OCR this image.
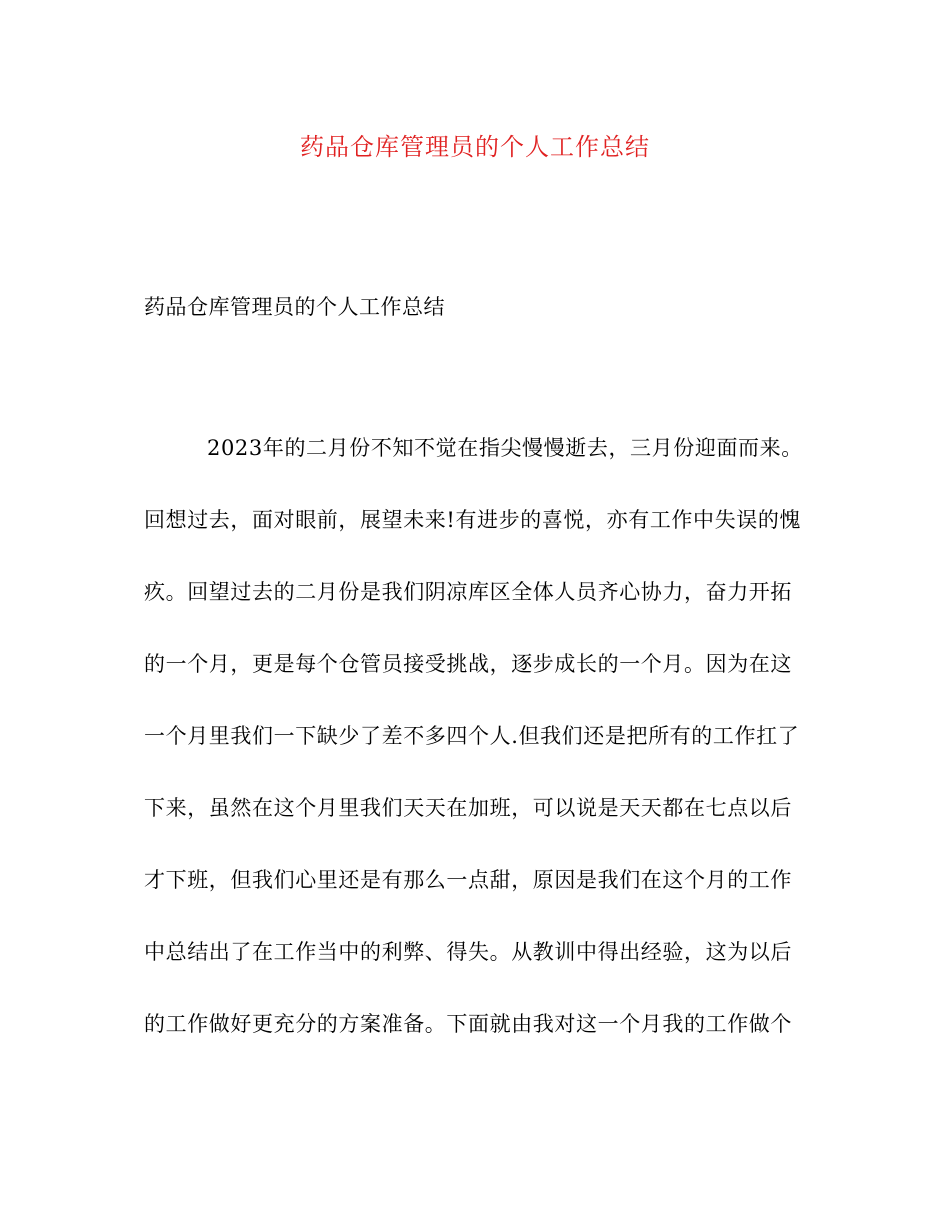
药品仓库管理员的个人工作总结
药品仓库管理员的个人工作总结
2023年的二月份不知不觉在指尖慢慢逝去，三月份迎面而来。
回想过去，面对眼前，展望未来!有进步的喜悦，亦有工作中失误的愧
疚。回望过去的二月份是我们阴凉库区全体人员齐心协力，奋力开拓
的一个月，更是每个仓管员接受挑战，逐步成长的一个月。因为在这
一个月里我们一下缺少了差不多四个人.但我们还是把所有的工作扛了
下来，虽然在这个月里我们天天在加班，可以说是天天都在七点以后
才下班，但我们心里还是有那么一点甜，原因是我们在这个月的工作
中总结出了在工作当中的利弊、得失。从教训中得出经验，这为以后
的工作做好更充分的方案准备。下面就由我对这一个月我的工作做个
